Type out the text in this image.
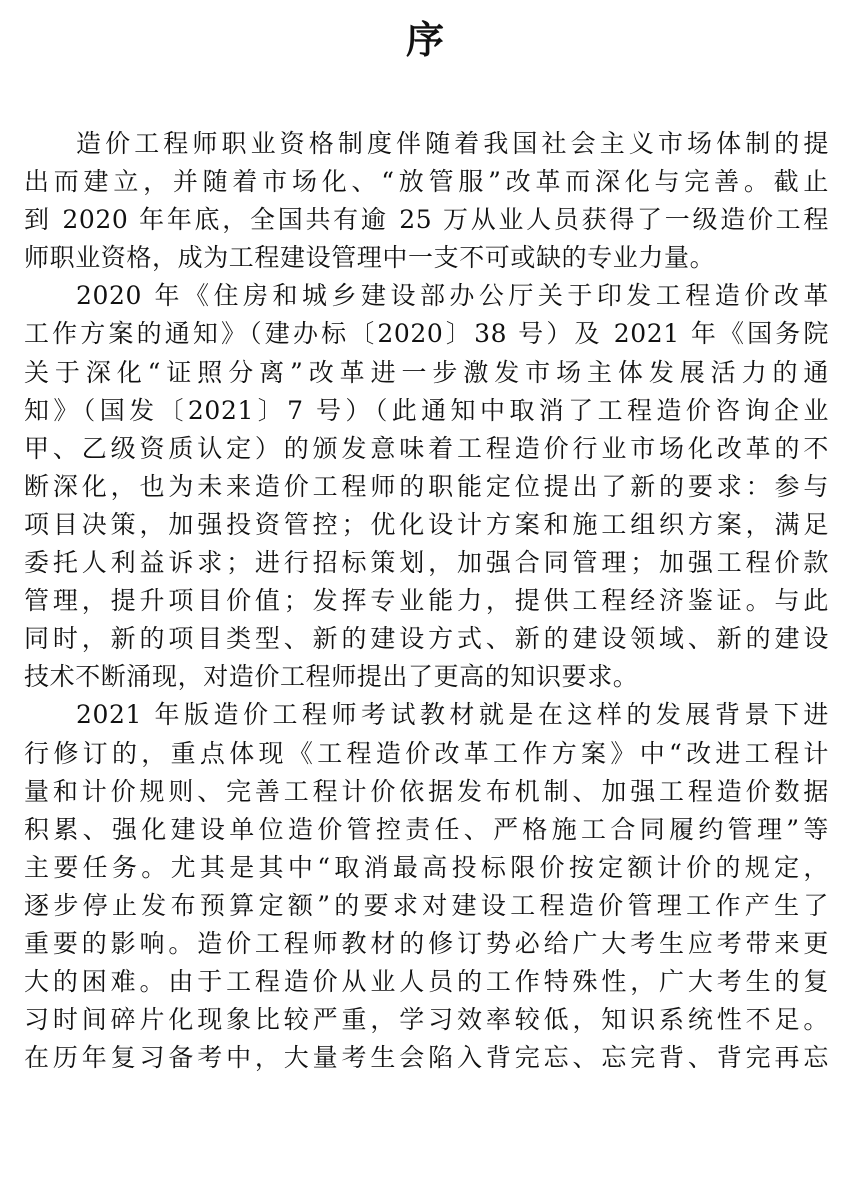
序
造价工程师职业资格制度伴随着我国社会主义市场体制的提
出而建立，并随着市场化、“放管服”改革而深化与完善。截止
到 2020 年年底，全国共有逾 25 万从业人员获得了一级造价工程
师职业资格，成为工程建设管理中一支不可或缺的专业力量。
2020 年《住房和城乡建设部办公厅关于印发工程造价改革
工作方案的通知》（建办标〔2020〕38 号）及 2021 年《国务院
关于深化“证照分离”改革进一步激发市场主体发展活力的通
知》（国发〔2021〕7 号）（此通知中取消了工程造价咨询企业
甲、乙级资质认定）的颁发意味着工程造价行业市场化改革的不
断深化，也为未来造价工程师的职能定位提出了新的要求：参与
项目决策，加强投资管控；优化设计方案和施工组织方案，满足
委托人利益诉求；进行招标策划，加强合同管理；加强工程价款
管理，提升项目价值；发挥专业能力，提供工程经济鉴证。与此
同时，新的项目类型、新的建设方式、新的建设领域、新的建设
技术不断涌现，对造价工程师提出了更高的知识要求。
2021 年版造价工程师考试教材就是在这样的发展背景下进
行修订的，重点体现《工程造价改革工作方案》中“改进工程计
量和计价规则、完善工程计价依据发布机制、加强工程造价数据
积累、强化建设单位造价管控责任、严格施工合同履约管理”等
主要任务。尤其是其中“取消最高投标限价按定额计价的规定，
逐步停止发布预算定额”的要求对建设工程造价管理工作产生了
重要的影响。造价工程师教材的修订势必给广大考生应考带来更
大的困难。由于工程造价从业人员的工作特殊性，广大考生的复
习时间碎片化现象比较严重，学习效率较低，知识系统性不足。
在历年复习备考中，大量考生会陷入背完忘、忘完背、背完再忘
